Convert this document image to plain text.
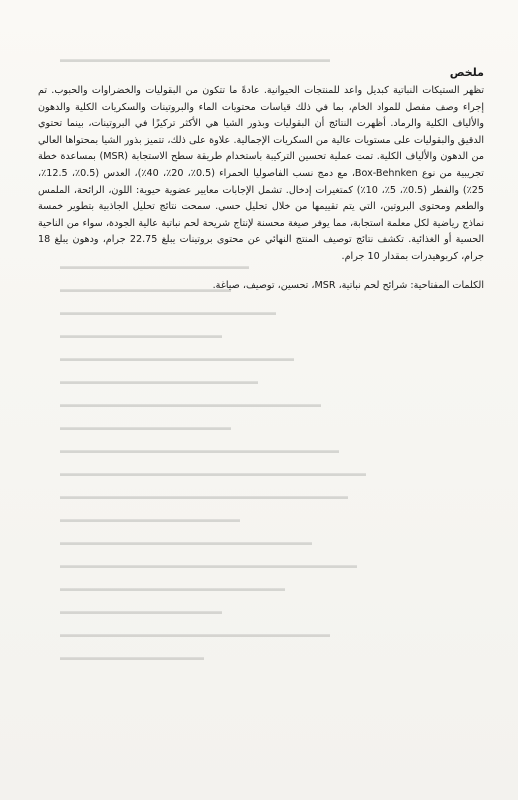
▬▬▬▬▬▬▬▬▬▬▬▬▬▬▬▬▬▬▬▬▬▬▬▬▬▬▬▬▬▬

▬▬▬▬▬▬▬▬▬▬▬▬▬▬▬▬▬▬▬▬▬
▬▬▬▬▬▬▬▬▬▬▬▬▬▬▬▬▬▬▬
▬▬▬▬▬▬▬▬▬▬▬▬▬▬▬▬▬▬▬▬▬▬▬▬
▬▬▬▬▬▬▬▬▬▬▬▬▬▬▬▬▬▬
▬▬▬▬▬▬▬▬▬▬▬▬▬▬▬▬▬▬▬▬▬▬▬▬▬▬
▬▬▬▬▬▬▬▬▬▬▬▬▬▬▬▬▬▬▬▬▬▬
▬▬▬▬▬▬▬▬▬▬▬▬▬▬▬▬▬▬▬▬▬▬▬▬▬▬▬▬▬
▬▬▬▬▬▬▬▬▬▬▬▬▬▬▬▬▬▬▬
▬▬▬▬▬▬▬▬▬▬▬▬▬▬▬▬▬▬▬▬▬▬▬▬▬▬▬▬▬▬▬
▬▬▬▬▬▬▬▬▬▬▬▬▬▬▬▬▬▬▬▬▬▬▬▬▬▬▬▬▬▬▬▬▬▬
▬▬▬▬▬▬▬▬▬▬▬▬▬▬▬▬▬▬▬▬▬▬▬▬▬▬▬▬▬▬▬▬
▬▬▬▬▬▬▬▬▬▬▬▬▬▬▬▬▬▬▬▬
▬▬▬▬▬▬▬▬▬▬▬▬▬▬▬▬▬▬▬▬▬▬▬▬▬▬▬▬
▬▬▬▬▬▬▬▬▬▬▬▬▬▬▬▬▬▬▬▬▬▬▬▬▬▬▬▬▬▬▬▬▬
▬▬▬▬▬▬▬▬▬▬▬▬▬▬▬▬▬▬▬▬▬▬▬▬▬
▬▬▬▬▬▬▬▬▬▬▬▬▬▬▬▬▬▬
▬▬▬▬▬▬▬▬▬▬▬▬▬▬▬▬▬▬▬▬▬▬▬▬▬▬▬▬▬▬
▬▬▬▬▬▬▬▬▬▬▬▬▬▬▬▬
ملخص

تظهر الستيكات النباتية كبديل واعد للمنتجات الحيوانية. عادةً ما تتكون من البقوليات والخضراوات والحبوب. تم إجراء وصف مفصل للمواد الخام، بما في ذلك قياسات محتويات الماء والبروتينات والسكريات الكلية والدهون والألياف الكلية والرماد. أظهرت النتائج أن البقوليات وبذور الشيا هي الأكثر تركيزًا في البروتينات، بينما تحتوي الدقيق والبقوليات على مستويات عالية من السكريات الإجمالية. علاوة على ذلك، تتميز بذور الشيا بمحتواها العالي من الدهون والألياف الكلية. تمت عملية تحسين التركيبة باستخدام طريقة سطح الاستجابة (MSR) بمساعدة خطة تجريبية من نوع Box-Behnken، مع دمج نسب الفاصوليا الحمراء (0.5٪، 20٪، 40٪)، العدس (0.5٪، 12.5٪، 25٪) والفطر (0.5٪، 5٪، 10٪) كمتغيرات إدخال. تشمل الإجابات معايير عضوية حيوية: اللون، الرائحة، الملمس والطعم ومحتوى البروتين، التي يتم تقييمها من خلال تحليل حسي. سمحت نتائج تحليل الجاذبية بتطوير خمسة نماذج رياضية لكل معلمة استجابة، مما يوفر صيغة محسنة لإنتاج شريحة لحم نباتية عالية الجودة، سواء من الناحية الحسية أو الغذائية. تكشف نتائج توصيف المنتج النهائي عن محتوى بروتينات يبلغ 22.75 جرام، ودهون يبلغ 18 جرام، كربوهيدرات بمقدار 10 جرام.

الكلمات المفتاحية: شرائح لحم نباتية، MSR، تحسين، توصيف، صياغة.
